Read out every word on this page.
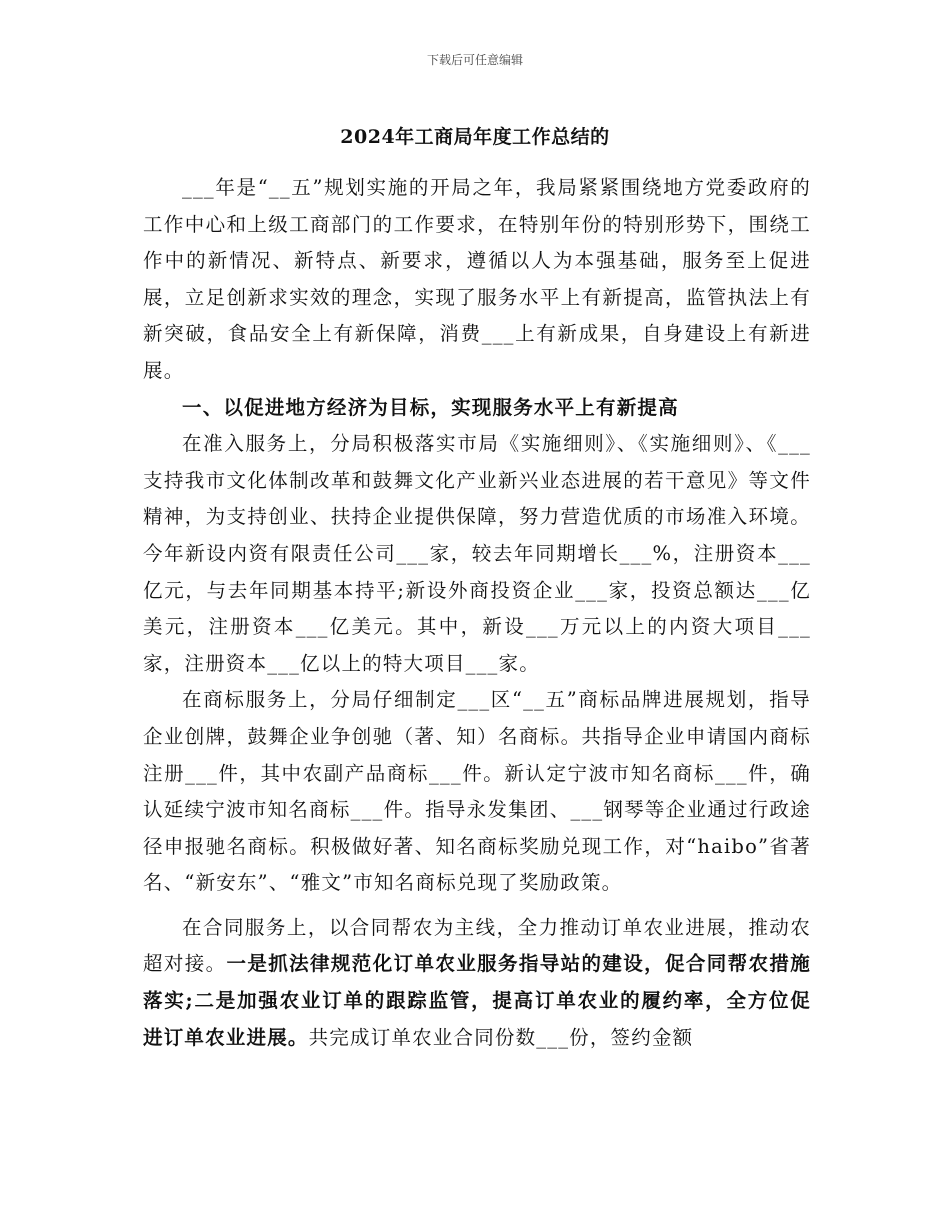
下载后可任意编辑
2024年工商局年度工作总结的

___年是“__五”规划实施的开局之年，我局紧紧围绕地方党委政府的工作中心和上级工商部门的工作要求，在特别年份的特别形势下，围绕工作中的新情况、新特点、新要求，遵循以人为本强基础，服务至上促进展，立足创新求实效的理念，实现了服务水平上有新提高，监管执法上有新突破，食品安全上有新保障，消费___上有新成果，自身建设上有新进展。

一、以促进地方经济为目标，实现服务水平上有新提高

在准入服务上，分局积极落实市局《实施细则》、《实施细则》、《___支持我市文化体制改革和鼓舞文化产业新兴业态进展的若干意见》等文件精神，为支持创业、扶持企业提供保障，努力营造优质的市场准入环境。今年新设内资有限责任公司___家，较去年同期增长___%，注册资本___亿元，与去年同期基本持平;新设外商投资企业___家，投资总额达___亿美元，注册资本___亿美元。其中，新设___万元以上的内资大项目___家，注册资本___亿以上的特大项目___家。

在商标服务上，分局仔细制定___区“__五”商标品牌进展规划，指导企业创牌，鼓舞企业争创驰（著、知）名商标。共指导企业申请国内商标注册___件，其中农副产品商标___件。新认定宁波市知名商标___件，确认延续宁波市知名商标___件。指导永发集团、___钢琴等企业通过行政途径申报驰名商标。积极做好著、知名商标奖励兑现工作，对“haibo”省著名、“新安东”、“雅文”市知名商标兑现了奖励政策。

在合同服务上，以合同帮农为主线，全力推动订单农业进展，推动农超对接。一是抓法律规范化订单农业服务指导站的建设，促合同帮农措施落实;二是加强农业订单的跟踪监管，提高订单农业的履约率，全方位促进订单农业进展。共完成订单农业合同份数___份，签约金额
